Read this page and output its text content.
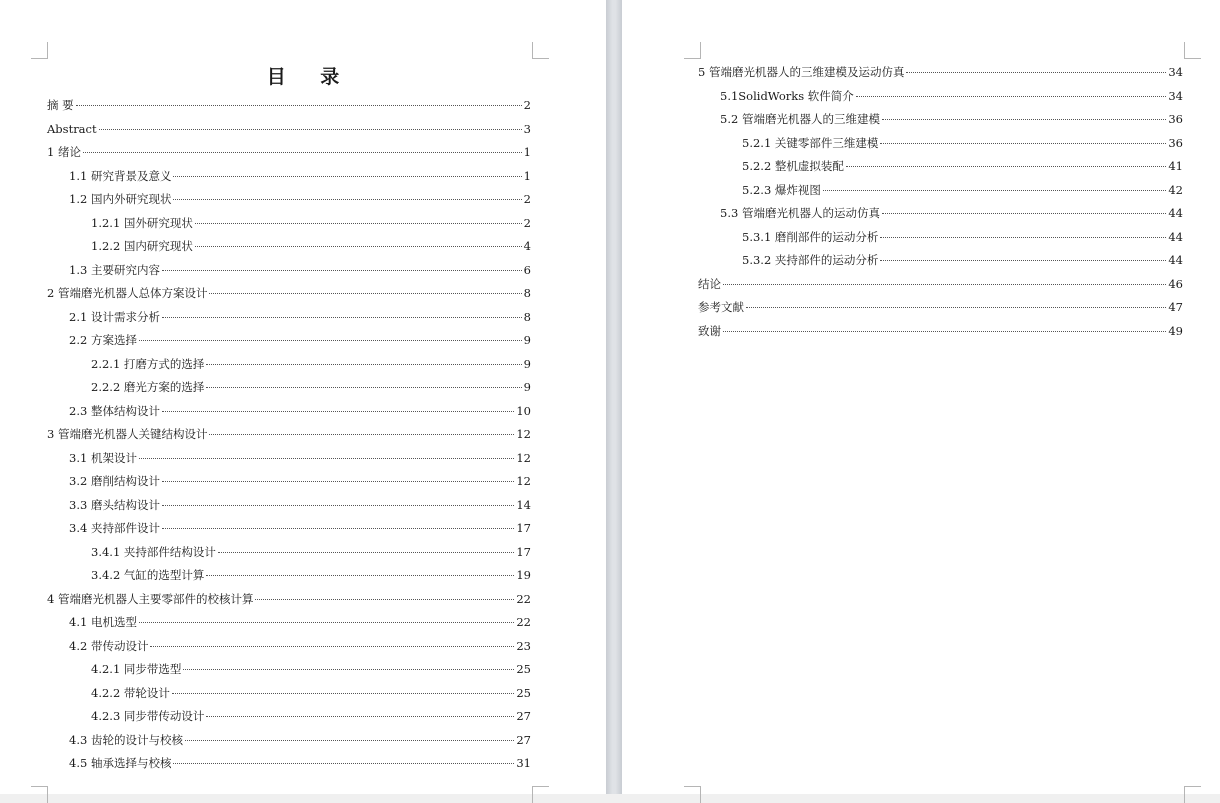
目 录
摘 要	2
Abstract	3
1 绪论	1
1.1 研究背景及意义	1
1.2 国内外研究现状	2
1.2.1 国外研究现状	2
1.2.2 国内研究现状	4
1.3 主要研究内容	6
2 管端磨光机器人总体方案设计	8
2.1 设计需求分析	8
2.2 方案选择	9
2.2.1 打磨方式的选择	9
2.2.2 磨光方案的选择	9
2.3 整体结构设计	10
3 管端磨光机器人关键结构设计	12
3.1 机架设计	12
3.2 磨削结构设计	12
3.3 磨头结构设计	14
3.4 夹持部件设计	17
3.4.1 夹持部件结构设计	17
3.4.2 气缸的选型计算	19
4 管端磨光机器人主要零部件的校核计算	22
4.1 电机选型	22
4.2 带传动设计	23
4.2.1 同步带选型	25
4.2.2 带轮设计	25
4.2.3 同步带传动设计	27
4.3 齿轮的设计与校核	27
4.5 轴承选择与校核	31
5 管端磨光机器人的三维建模及运动仿真	34
5.1SolidWorks 软件简介	34
5.2 管端磨光机器人的三维建模	36
5.2.1 关键零部件三维建模	36
5.2.2 整机虚拟装配	41
5.2.3 爆炸视图	42
5.3 管端磨光机器人的运动仿真	44
5.3.1 磨削部件的运动分析	44
5.3.2 夹持部件的运动分析	44
结论	46
参考文献	47
致谢	49
